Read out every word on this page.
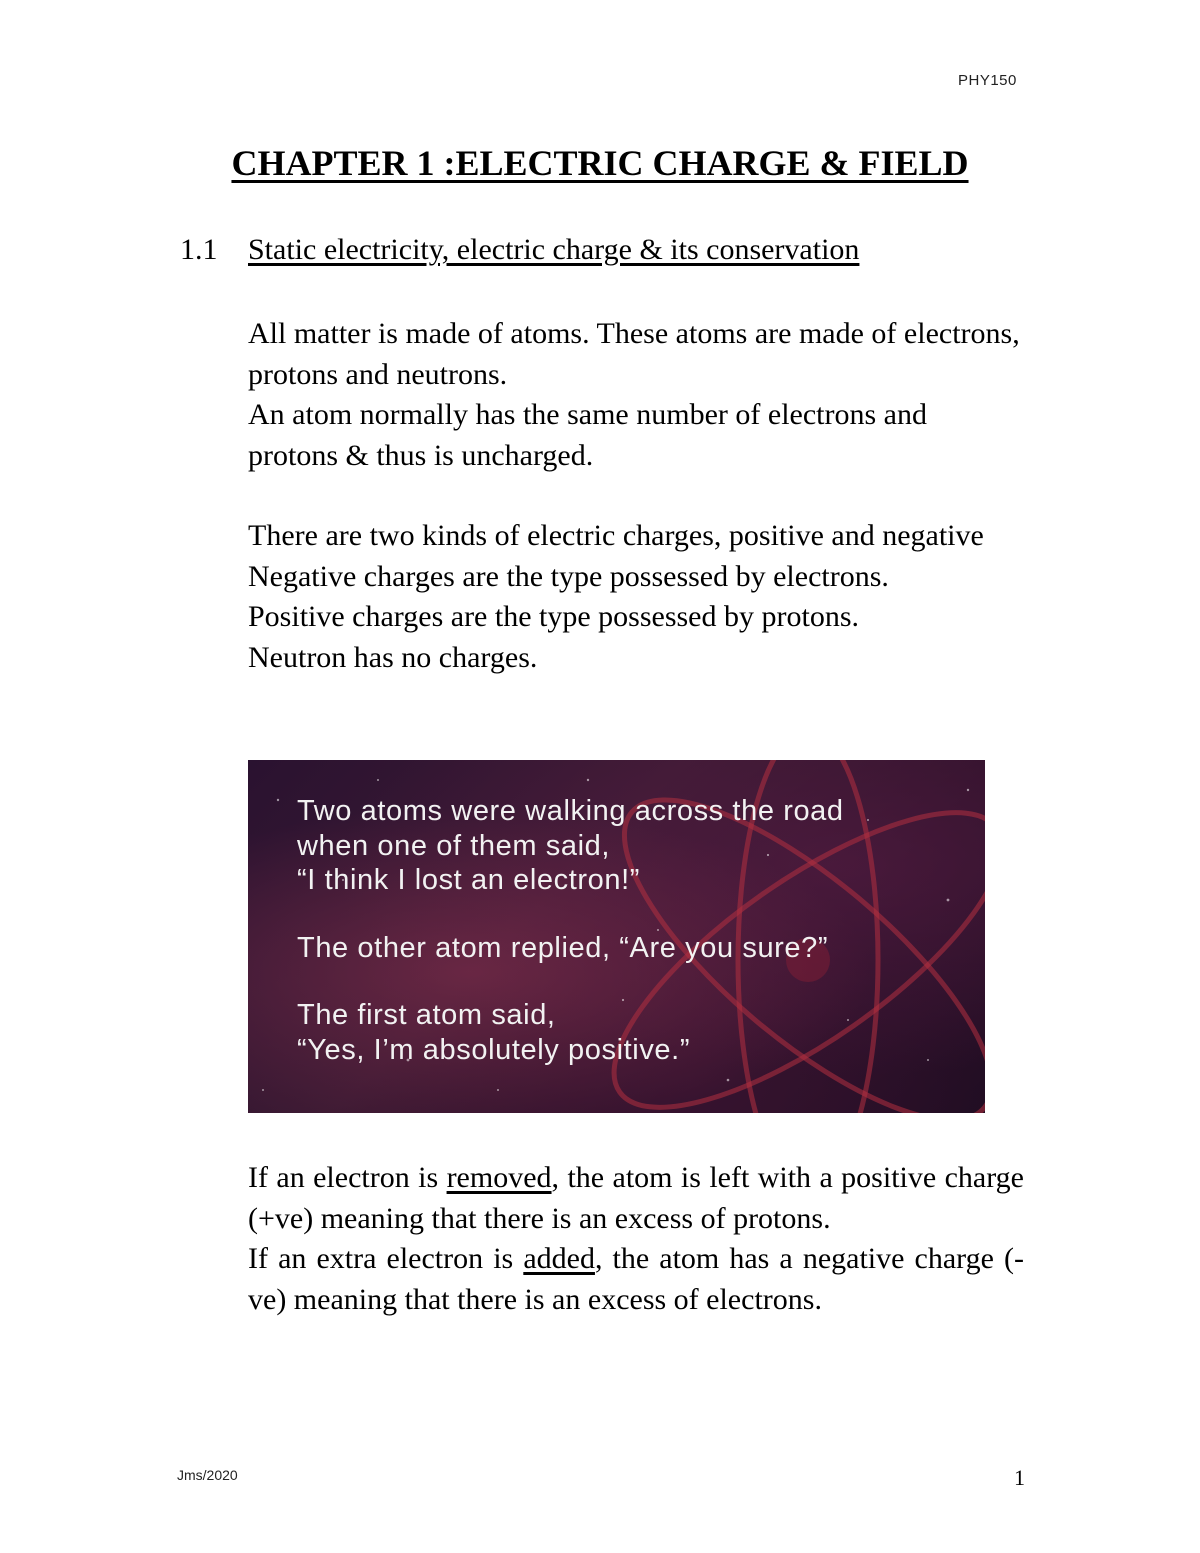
PHY150
CHAPTER 1 :ELECTRIC CHARGE & FIELD
1.1 Static electricity, electric charge & its conservation

All matter is made of atoms. These atoms are made of electrons, protons and neutrons.

An atom normally has the same number of electrons and protons & thus is uncharged.

There are two kinds of electric charges, positive and negative

Negative charges are the type possessed by electrons.

Positive charges are the type possessed by protons.

Neutron has no charges.

Two atoms were walking across the road
when one of them said,
“I think I lost an electron!”
The other atom replied, “Are you sure?”
The first atom said,
“Yes, I’m absolutely positive.”

If an electron is removed, the atom is left with a positive charge (+ve) meaning that there is an excess of protons.

If an extra electron is added, the atom has a negative charge (-ve) meaning that there is an excess of electrons.

Jms/2020	1
